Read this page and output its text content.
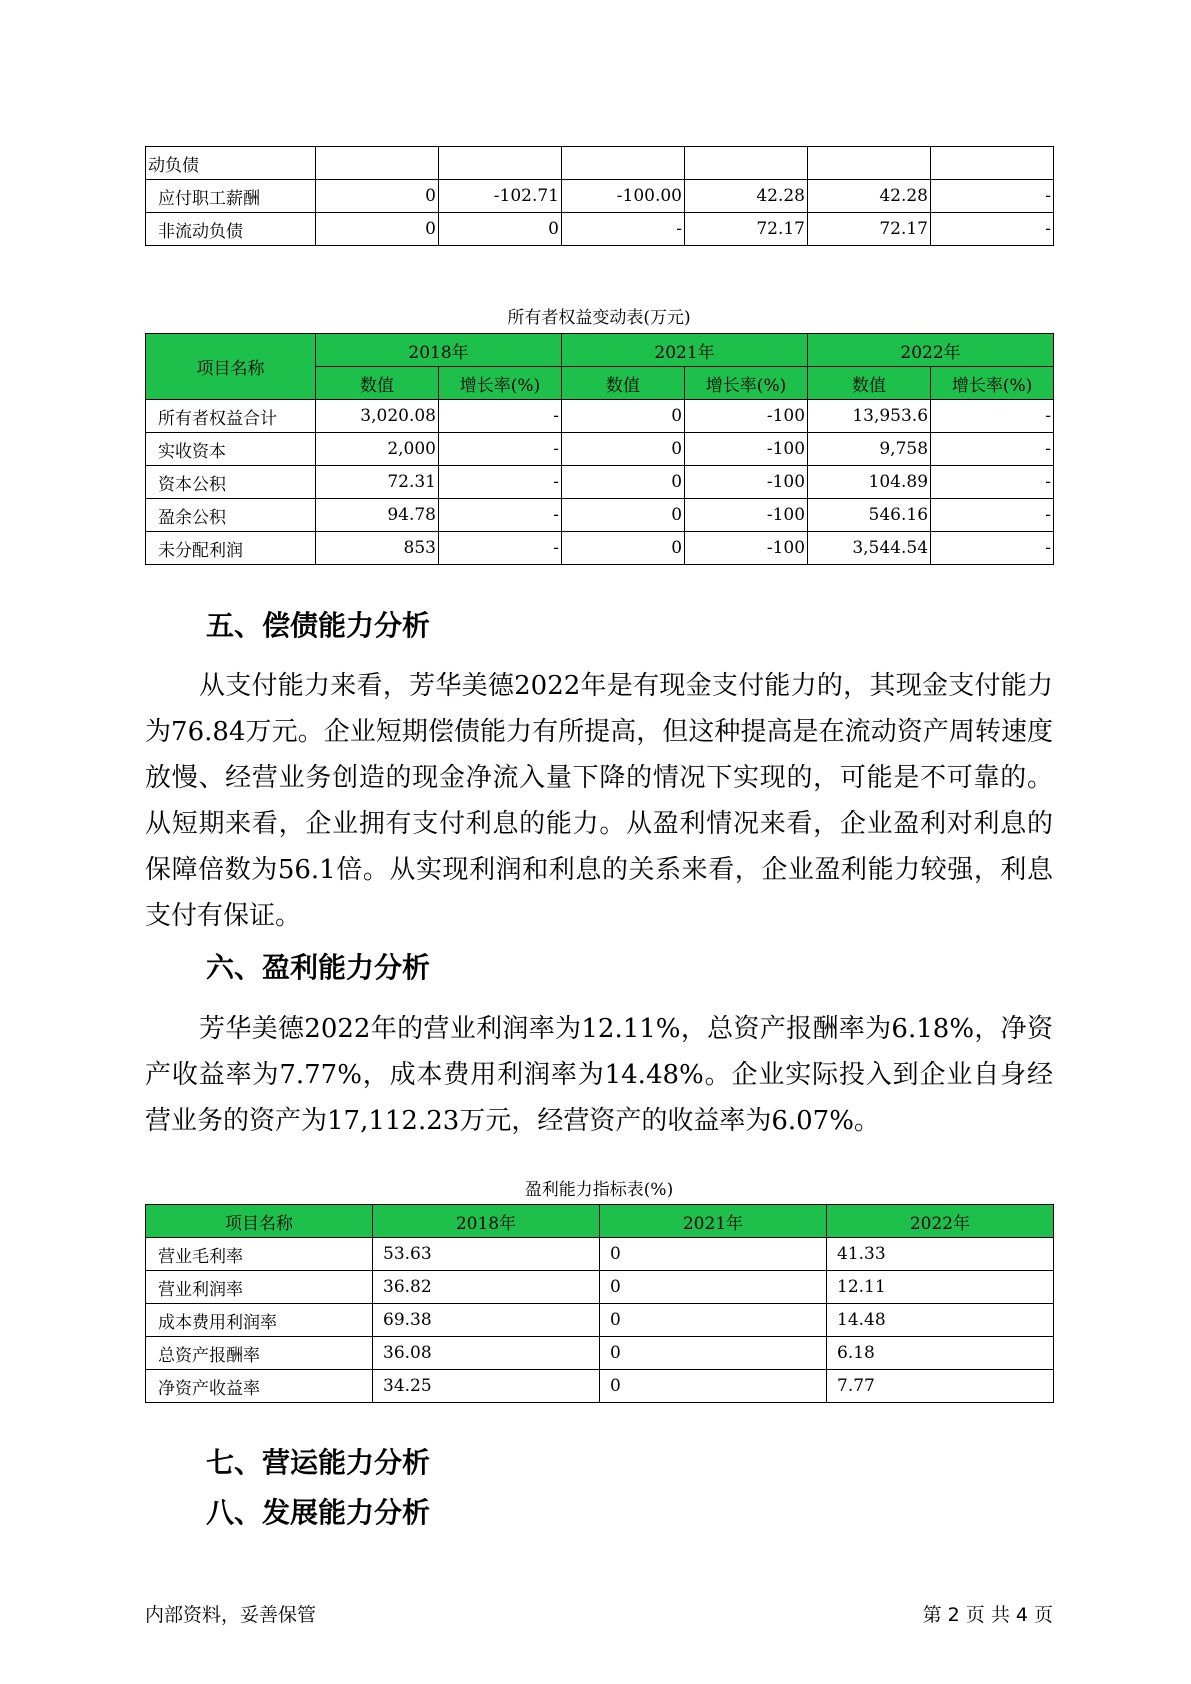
动负债						
应付职工薪酬	0	-102.71	-100.00	42.28	42.28	-
非流动负债	0	0	-	72.17	72.17	-
所有者权益变动表(万元)
项目名称	2018年		2021年		2022年	
	数值	增长率(%)	数值	增长率(%)	数值	增长率(%)
所有者权益合计	3,020.08	-	0	-100	13,953.6	-
实收资本	2,000	-	0	-100	9,758	-
资本公积	72.31	-	0	-100	104.89	-
盈余公积	94.78	-	0	-100	546.16	-
未分配利润	853	-	0	-100	3,544.54	-
五、偿债能力分析

从支付能力来看，芳华美德2022年是有现金支付能力的，其现金支付能力为76.84万元。企业短期偿债能力有所提高，但这种提高是在流动资产周转速度放慢、经营业务创造的现金净流入量下降的情况下实现的，可能是不可靠的。从短期来看，企业拥有支付利息的能力。从盈利情况来看，企业盈利对利息的保障倍数为56.1倍。从实现利润和利息的关系来看，企业盈利能力较强，利息支付有保证。

六、盈利能力分析

芳华美德2022年的营业利润率为12.11%，总资产报酬率为6.18%，净资产收益率为7.77%，成本费用利润率为14.48%。企业实际投入到企业自身经营业务的资产为17,112.23万元，经营资产的收益率为6.07%。

盈利能力指标表(%)
项目名称	2018年	2021年	2022年
营业毛利率	53.63	0	41.33
营业利润率	36.82	0	12.11
成本费用利润率	69.38	0	14.48
总资产报酬率	36.08	0	6.18
净资产收益率	34.25	0	7.77
七、营运能力分析
八、发展能力分析
内部资料，妥善保管	第 2 页 共 4 页
